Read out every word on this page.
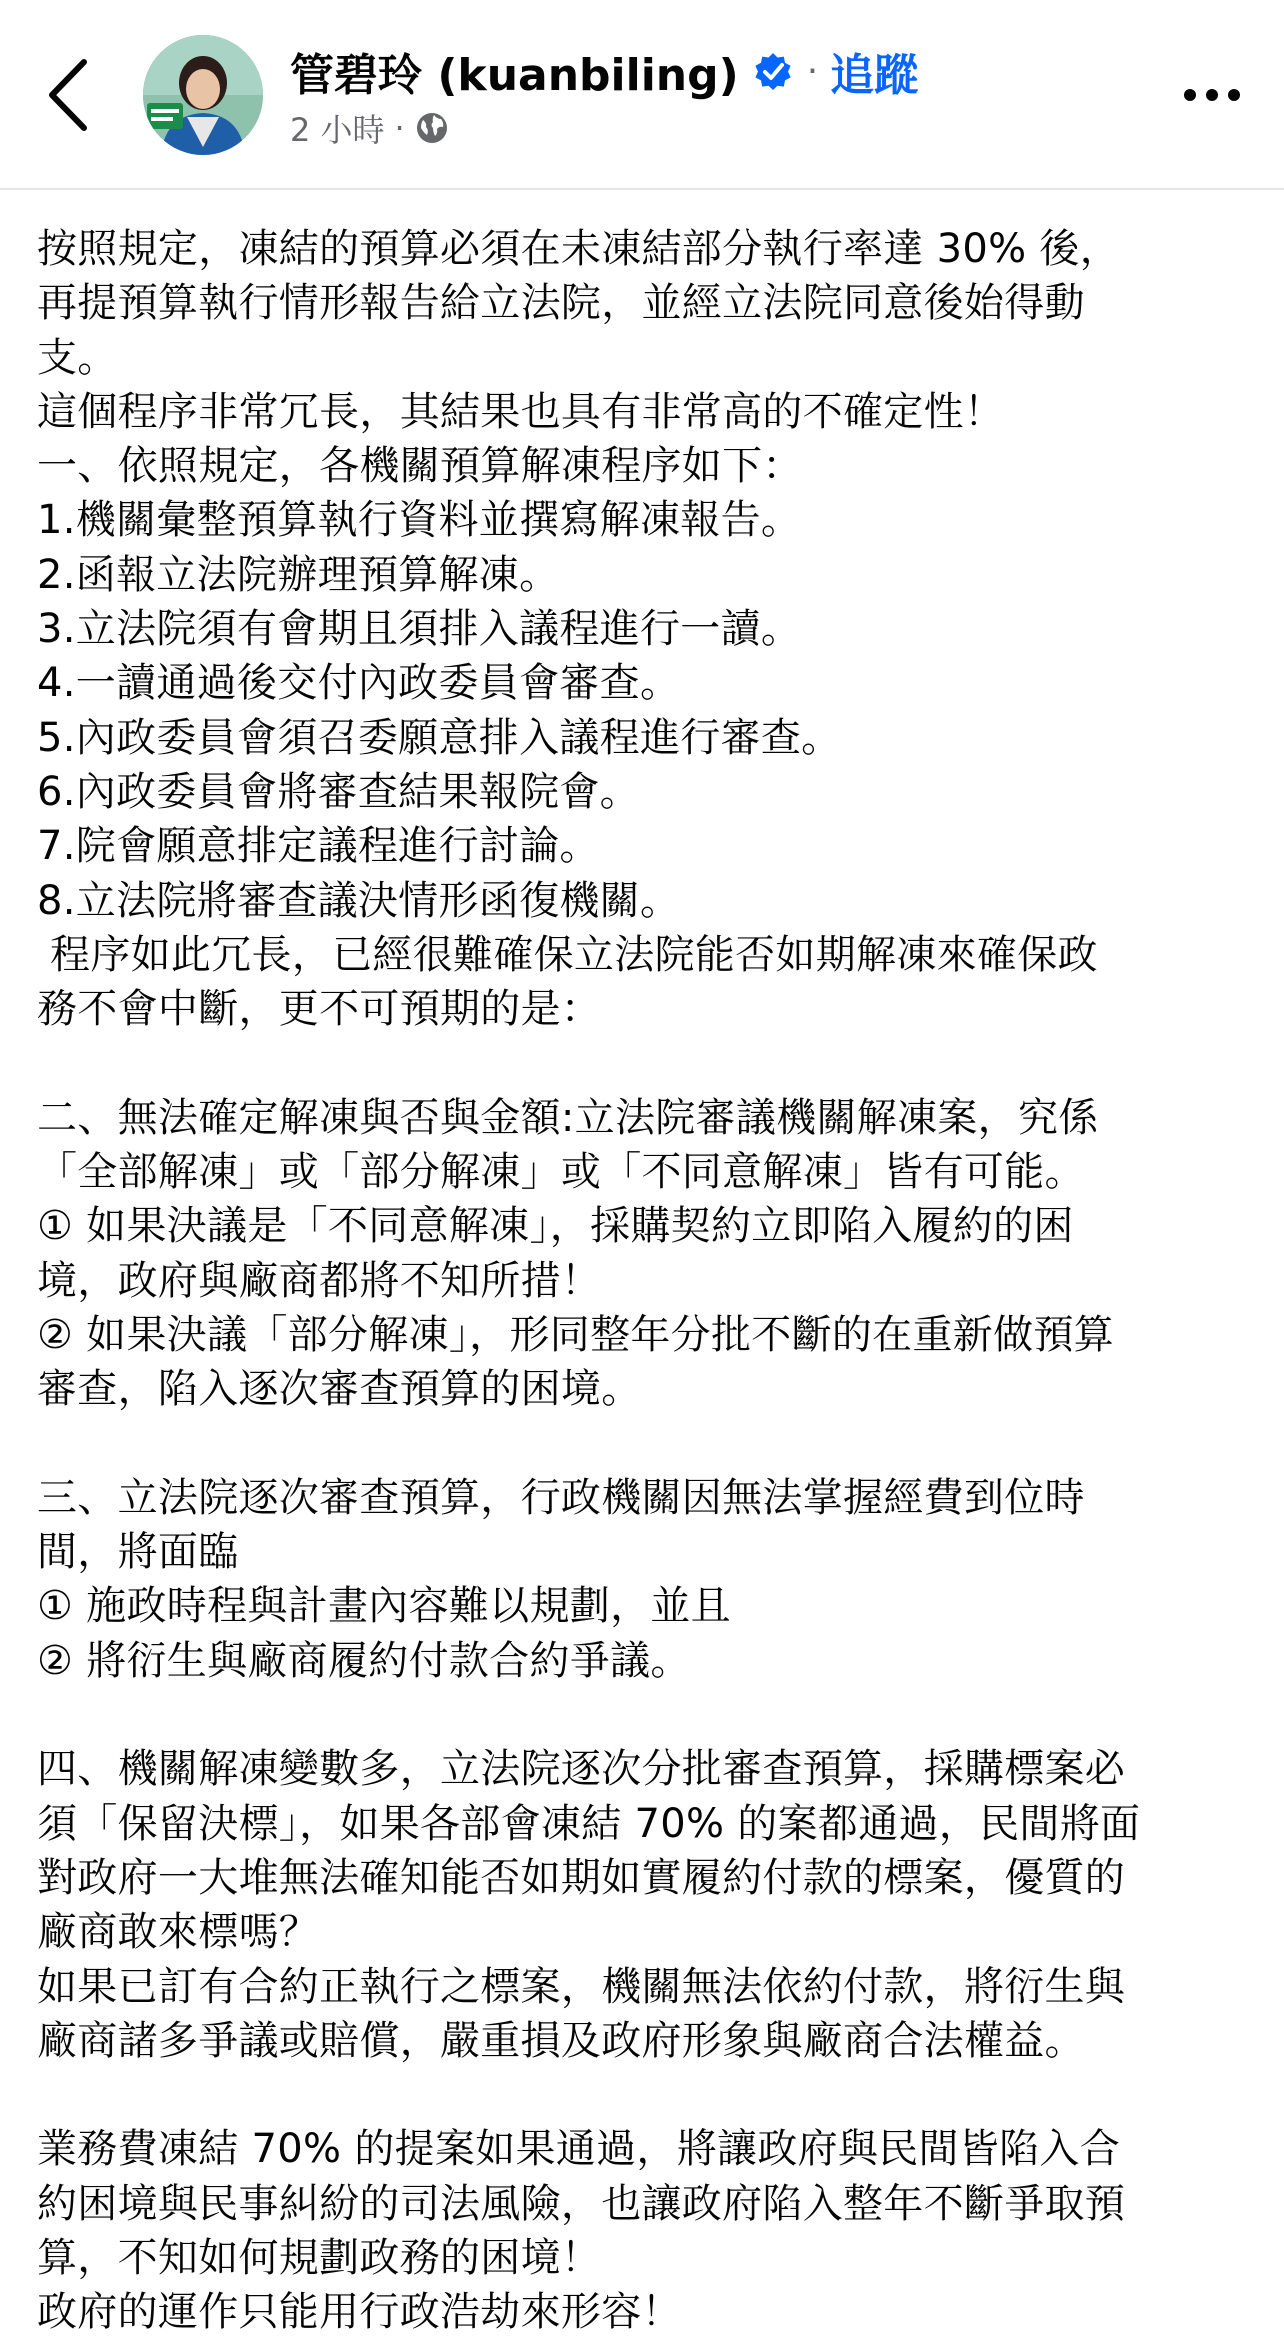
管碧玲 (kuanbiling) · 追蹤
2 小時 ·
按照規定，凍結的預算必須在未凍結部分執行率達 30% 後，
再提預算執行情形報告給立法院，並經立法院同意後始得動
支。
這個程序非常冗長，其結果也具有非常高的不確定性！
一、依照規定，各機關預算解凍程序如下：
1.機關彙整預算執行資料並撰寫解凍報告。
2.函報立法院辦理預算解凍。
3.立法院須有會期且須排入議程進行一讀。
4.一讀通過後交付內政委員會審查。
5.內政委員會須召委願意排入議程進行審查。
6.內政委員會將審查結果報院會。
7.院會願意排定議程進行討論。
8.立法院將審查議決情形函復機關。
程序如此冗長，已經很難確保立法院能否如期解凍來確保政
務不會中斷，更不可預期的是：

二、無法確定解凍與否與金額:立法院審議機關解凍案，究係
「全部解凍」或「部分解凍」或「不同意解凍」皆有可能。
① 如果決議是「不同意解凍」，採購契約立即陷入履約的困
境，政府與廠商都將不知所措！
② 如果決議「部分解凍」，形同整年分批不斷的在重新做預算
審查，陷入逐次審查預算的困境。

三、立法院逐次審查預算，行政機關因無法掌握經費到位時
間，將面臨
① 施政時程與計畫內容難以規劃，並且
② 將衍生與廠商履約付款合約爭議。

四、機關解凍變數多，立法院逐次分批審查預算，採購標案必
須「保留決標」，如果各部會凍結 70% 的案都通過，民間將面
對政府一大堆無法確知能否如期如實履約付款的標案，優質的
廠商敢來標嗎？
如果已訂有合約正執行之標案，機關無法依約付款，將衍生與
廠商諸多爭議或賠償，嚴重損及政府形象與廠商合法權益。

業務費凍結 70% 的提案如果通過，將讓政府與民間皆陷入合
約困境與民事糾紛的司法風險，也讓政府陷入整年不斷爭取預
算，不知如何規劃政務的困境！
政府的運作只能用行政浩劫來形容！
